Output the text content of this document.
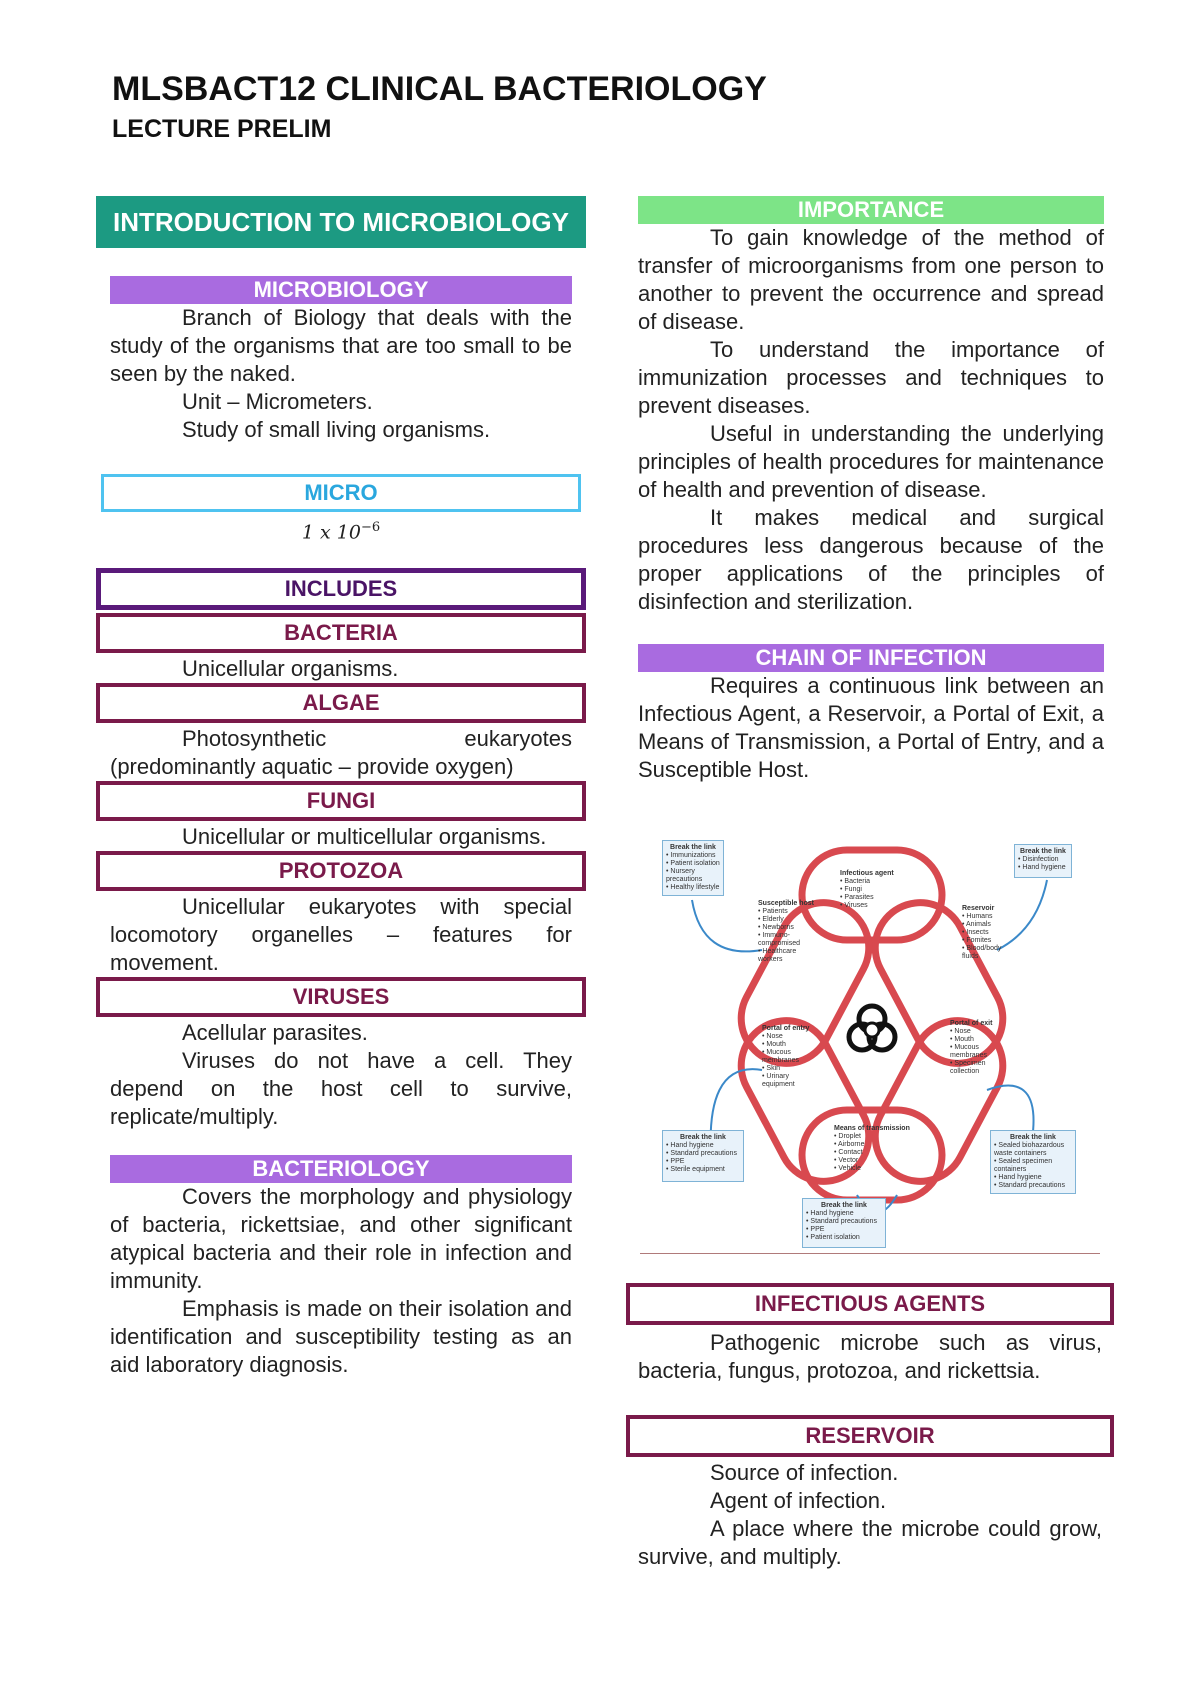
MLSBACT12 CLINICAL BACTERIOLOGY
LECTURE PRELIM
INTRODUCTION TO MICROBIOLOGY
MICROBIOLOGY
Branch of Biology that deals with the study of the organisms that are too small to be seen by the naked.
Unit – Micrometers.
Study of small living organisms.
MICRO
1 x $10^{-6}$
INCLUDES
BACTERIA
Unicellular organisms.
ALGAE
Photosynthetic eukaryotes (predominantly aquatic – provide oxygen)
FUNGI
Unicellular or multicellular organisms.
PROTOZOA
Unicellular eukaryotes with special locomotory organelles – features for movement.
VIRUSES
Acellular parasites.
Viruses do not have a cell. They depend on the host cell to survive, replicate/multiply.
BACTERIOLOGY
Covers the morphology and physiology of bacteria, rickettsiae, and other significant atypical bacteria and their role in infection and immunity.
Emphasis is made on their isolation and identification and susceptibility testing as an aid laboratory diagnosis.
IMPORTANCE
To gain knowledge of the method of transfer of microorganisms from one person to another to prevent the occurrence and spread of disease.
To understand the importance of immunization processes and techniques to prevent diseases.
Useful in understanding the underlying principles of health procedures for maintenance of health and prevention of disease.
It makes medical and surgical procedures less dangerous because of the proper applications of the principles of disinfection and sterilization.
CHAIN OF INFECTION
Requires a continuous link between an Infectious Agent, a Reservoir, a Portal of Exit, a Means of Transmission, a Portal of Entry, and a Susceptible Host.
Infectious agent
• Bacteria
• Fungi
• Parasites
• Viruses	Reservoir
• Humans
• Animals
• Insects
• Fomites
• Blood/body
fluids
Portal of exit
• Nose
• Mouth
• Mucous
membranes
• Specimen
collection
Means of transmission
• Droplet
• Airborne
• Contact
• Vector
• Vehicle
Portal of entry
• Nose
• Mouth
• Mucous
membranes
• Skin
• Urinary
equipment
Susceptible host
• Patients
• Elderly
• Newborns
• Immuno-
compromised
• Healthcare
workers
Break the link
• Immunizations
• Patient isolation
• Nursery
precautions
• Healthy lifestyle
Break the link
• Disinfection
• Hand hygiene
Break the link
• Hand hygiene
• Standard precautions
• PPE
• Sterile equipment
Break the link
• Sealed biohazardous
waste containers
• Sealed specimen
containers
• Hand hygiene
• Standard precautions
Break the link
• Hand hygiene
• Standard precautions
• PPE
• Patient isolation
INFECTIOUS AGENTS
Pathogenic microbe such as virus, bacteria, fungus, protozoa, and rickettsia.
RESERVOIR
Source of infection.
Agent of infection.
A place where the microbe could grow, survive, and multiply.
